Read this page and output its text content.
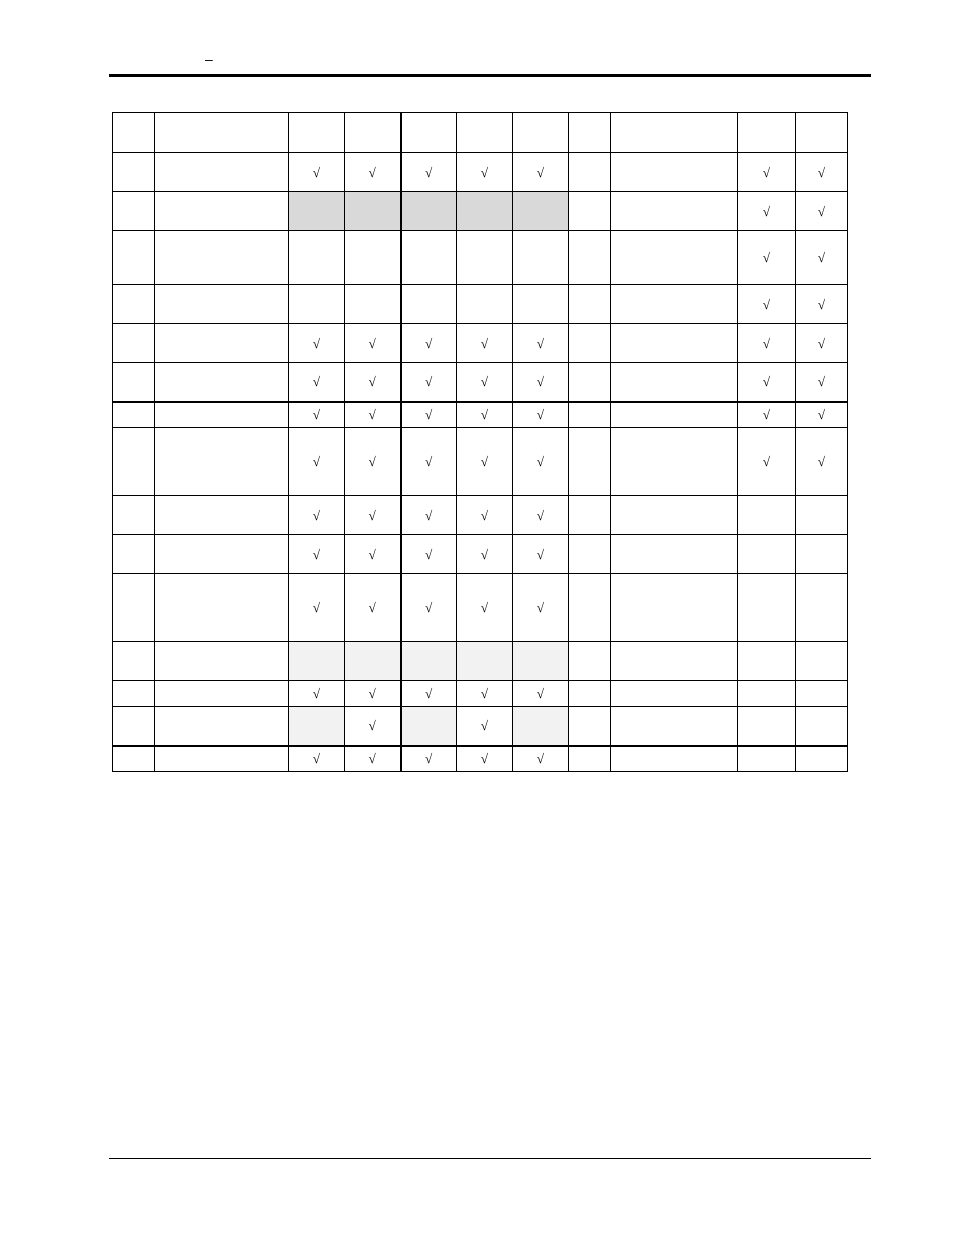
–

		√	√	√	√	√			√	√
									√	√
									√	√
									√	√
		√	√	√	√	√			√	√
		√	√	√	√	√			√	√
		√	√	√	√	√			√	√
		√	√	√	√	√			√	√
		√	√	√	√	√				
		√	√	√	√	√				
		√	√	√	√	√				

		√	√	√	√	√				
			√		√					
		√	√	√	√	√				
